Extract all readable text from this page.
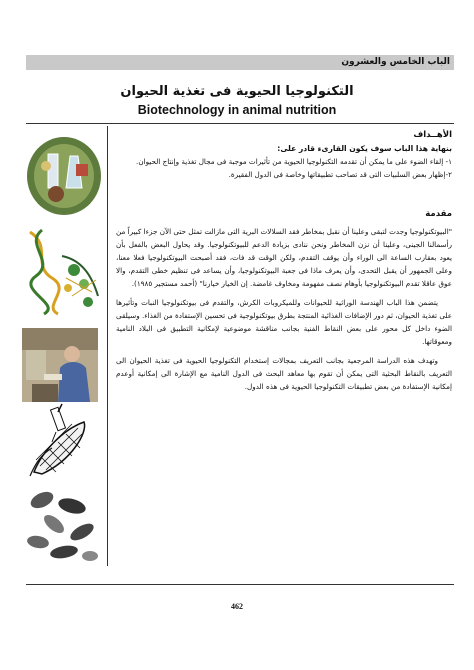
الباب الخامس والعشرون
التكنولوجيا الحيوية فى تغذية الحيوان
Biotechnology in animal nutrition

الأهــداف

بنهاية هذا الباب سوف يكون القارىء قادر على:

١- إلقاء الضوء على ما يمكن أن تقدمه التكنولوجيا الحيوية من تأثيرات موجبة فى مجال تغذية وإنتاج الحيوان.

٢-إظهار بعض السلبيات التى قد تصاحب تطبيقاتها وخاصة فى الدول الفقيرة.

مقدمة

"البيوتكنولوجيا وجدت لتبقى وعلينا أن نقبل بمخاطر فقد السلالات البرية التى مازالت تمثل حتى الآن جزءا كبيراً من رأسمالنا الجينى، وعلينا أن نزن المخاطر ونحن ننادى بزيادة الدعم للبيوتكنولوجيا. وقد يحاول البعض بالفعل بأن يعود بعقارب الساعة الى الوراء وأن يوقف التقدم، ولكن الوقت قد فات، فقد أصبحت البيوتكنولوجيا فعلا معنا، وعلى الجمهور أن يقبل التحدى، وأن يعرف ماذا فى جعبة البيوتكنولوجيا، وأن يساعد فى تنظيم خطى التقدم، والا عوق عاقلا تقدم البيوتكنولوجيا بأوهام نصف مفهومة ومخاوف غامضة. إن الخيار خيارنا" (أحمد مستجير ١٩٨٥).

يتضمن هذا الباب الهندسة الوراثية للحيوانات وللميكروبات الكرش، والتقدم فى بيوتكنولوجيا النبات وتأثيرها على تغذية الحيوان، ثم دور الإضافات الغذائية المنتجة بطرق بيوتكنولوجية فى تحسين الإستفادة من الغذاء. وسيلقى الضوء داخل كل محور على بعض النقاط الفنية بجانب مناقشة موضوعية لإمكانية التطبيق فى البلاد النامية ومعوقاتها.

وتهدف هذه الدراسة المرجعية بجانب التعريف بمجالات إستخدام التكنولوجيا الحيوية فى تغذية الحيوان الى التعريف بالنقاط البحثية التى يمكن أن تقوم بها معاهد البحث فى الدول النامية مع الإشارة الى إمكانية أوعدم إمكانية الإستفادة من بعض تطبيقات التكنولوجيا الحيوية فى هذه الدول.

462
